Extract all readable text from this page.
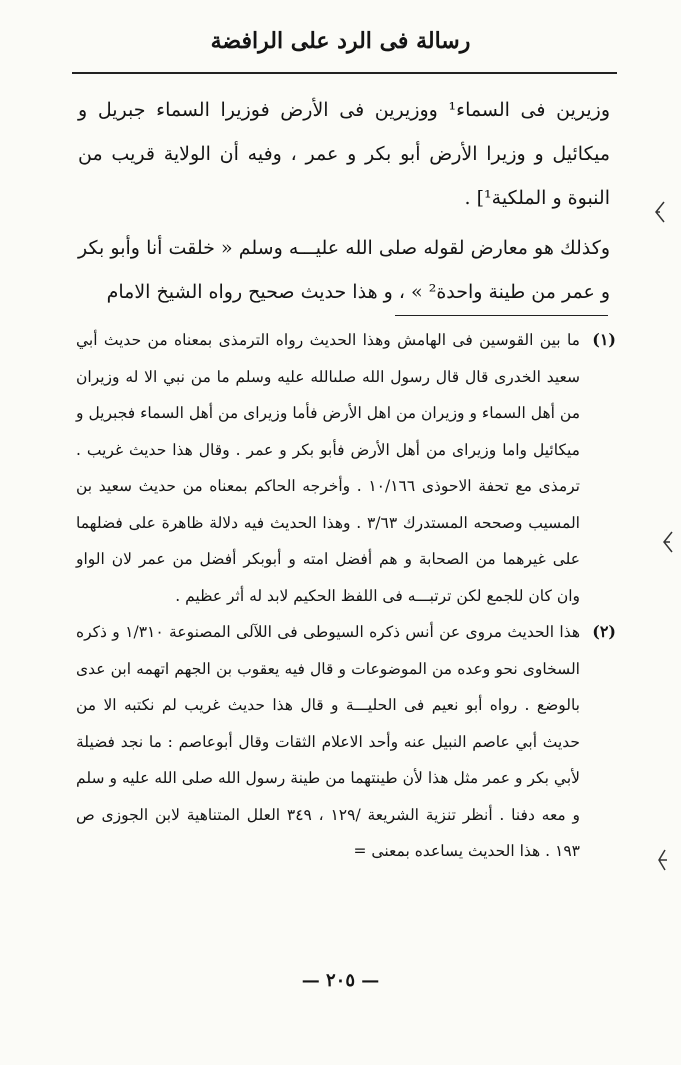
رسالة فى الرد على الرافضة

وزيرين فى السماء¹ ووزيرين فى الأرض فوزيرا السماء جبريل و ميكائيل و وزيرا الأرض أبو بكر و عمر ، وفيه أن الولاية قريب من النبوة و الملكية¹] .

وكذلك هو معارض لقوله صلى الله عليـــه وسلم « خلقت أنا وأبو بكر و عمر من طينة واحدة² » ، و هذا حديث صحيح رواه الشيخ الامام

(١)
ما بين القوسين فى الهامش وهذا الحديث رواه الترمذى بمعناه من حديث أبي سعيد الخدرى قال قال رسول الله صلىالله عليه وسلم ما من نبي الا له وزيران من أهل السماء و وزيران من اهل الأرض فأما وزيراى من أهل السماء فجبريل و ميكائيل واما وزيراى من أهل الأرض فأبو بكر و عمر . وقال هذا حديث غريب . ترمذى مع تحفة الاحوذى ١٠/١٦٦ . وأخرجه الحاكم بمعناه من حديث سعيد بن المسيب وصححه المستدرك ٣/٦٣ . وهذا الحديث فيه دلالة ظاهرة على فضلهما على غيرهما من الصحابة و هم أفضل امته و أبوبكر أفضل من عمر لان الواو وان كان للجمع لكن ترتبـــه فى اللفظ الحكيم لابد له أثر عظيم .

(٢)
هذا الحديث مروى عن أنس ذكره السيوطى فى اللآلى المصنوعة ١/٣١٠ و ذكره السخاوى نحو وعده من الموضوعات و قال فيه يعقوب بن الجهم اتهمه ابن عدى بالوضع . رواه أبو نعيم فى الحليـــة و قال هذا حديث غريب لم نكتبه الا من حديث أبي عاصم النبيل عنه وأحد الاعلام الثقات وقال أبوعاصم : ما نجد فضيلة لأبي بكر و عمر مثل هذا لأن طينتهما من طينة رسول الله صلى الله عليه و سلم و معه دفنا . أنظر تنزية الشريعة /١٢٩ ، ٣٤٩ العلل المتناهية لابن الجوزى ص ١٩٣ . هذا الحديث يساعده بمعنى =

— ٢٠٥ —
